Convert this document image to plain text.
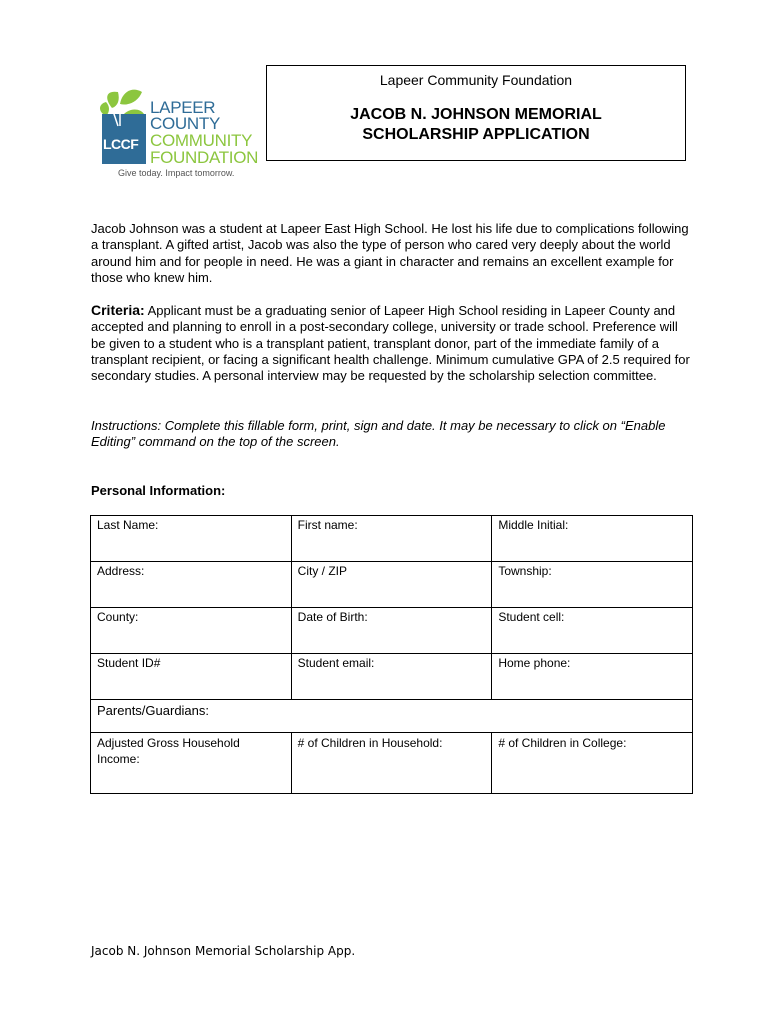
LAPEER
COUNTY
COMMUNITY
FOUNDATION
LCCF
Give today. Impact tomorrow.
Lapeer Community Foundation
JACOB N. JOHNSON MEMORIAL
SCHOLARSHIP APPLICATION
Jacob Johnson was a student at Lapeer East High School. He lost his life due to complications following a transplant. A gifted artist, Jacob was also the type of person who cared very deeply about the world around him and for people in need. He was a giant in character and remains an excellent example for those who knew him.
Criteria: Applicant must be a graduating senior of Lapeer High School residing in Lapeer County and accepted and planning to enroll in a post-secondary college, university or trade school. Preference will be given to a student who is a transplant patient, transplant donor, part of the immediate family of a transplant recipient, or facing a significant health challenge. Minimum cumulative GPA of 2.5 required for secondary studies. A personal interview may be requested by the scholarship selection committee.
Instructions: Complete this fillable form, print, sign and date. It may be necessary to click on “Enable Editing” command on the top of the screen.
Personal Information:
Last Name:	First name:	Middle Initial:
Address:	City / ZIP	Township:
County:	Date of Birth:	Student cell:
Student ID#	Student email:	Home phone:
Parents/Guardians:		
Adjusted Gross Household Income:	# of Children in Household:	# of Children in College:
Jacob N. Johnson Memorial Scholarship App.
